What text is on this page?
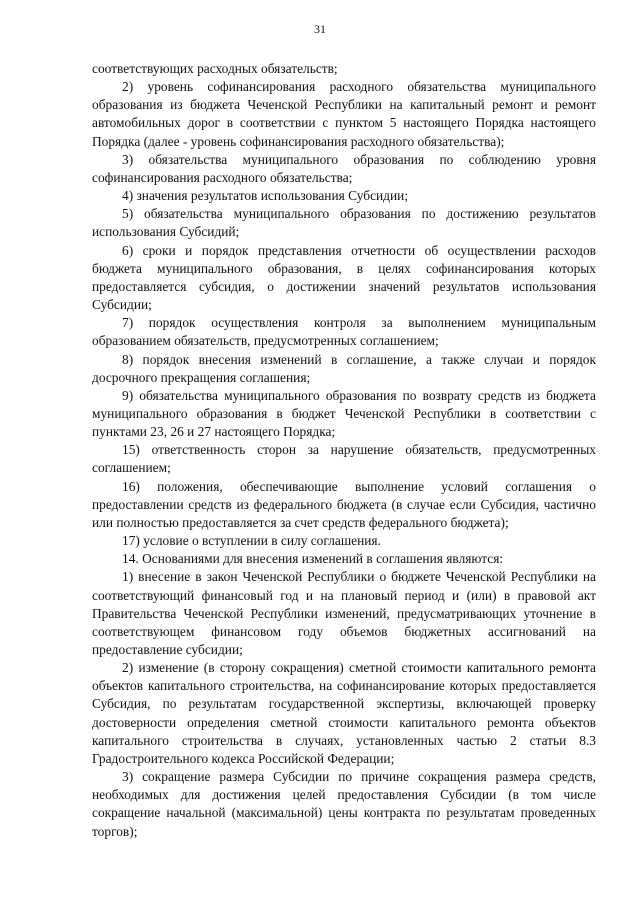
31

соответствующих расходных обязательств;

2) уровень софинансирования расходного обязательства муниципального образования из бюджета Чеченской Республики на капитальный ремонт и ремонт автомобильных дорог в соответствии с пунктом 5 настоящего Порядка настоящего Порядка (далее - уровень софинансирования расходного обязательства);

3) обязательства муниципального образования по соблюдению уровня софинансирования расходного обязательства;

4) значения результатов использования Субсидии;

5) обязательства муниципального образования по достижению результатов использования Субсидий;

6) сроки и порядок представления отчетности об осуществлении расходов бюджета муниципального образования, в целях софинансирования которых предоставляется субсидия, о достижении значений результатов использования Субсидии;

7) порядок осуществления контроля за выполнением муниципальным образованием обязательств, предусмотренных соглашением;

8) порядок внесения изменений в соглашение, а также случаи и порядок досрочного прекращения соглашения;

9) обязательства муниципального образования по возврату средств из бюджета муниципального образования в бюджет Чеченской Республики в соответствии с пунктами 23, 26 и 27 настоящего Порядка;

15) ответственность сторон за нарушение обязательств, предусмотренных соглашением;

16) положения, обеспечивающие выполнение условий соглашения о предоставлении средств из федерального бюджета (в случае если Субсидия, частично или полностью предоставляется за счет средств федерального бюджета);

17) условие о вступлении в силу соглашения.

14. Основаниями для внесения изменений в соглашения являются:

1) внесение в закон Чеченской Республики о бюджете Чеченской Республики на соответствующий финансовый год и на плановый период и (или) в правовой акт Правительства Чеченской Республики изменений, предусматривающих уточнение в соответствующем финансовом году объемов бюджетных ассигнований на предоставление субсидии;

2) изменение (в сторону сокращения) сметной стоимости капитального ремонта объектов капитального строительства, на софинансирование которых предоставляется Субсидия, по результатам государственной экспертизы, включающей проверку достоверности определения сметной стоимости капитального ремонта объектов капитального строительства в случаях, установленных частью 2 статьи 8.3 Градостроительного кодекса Российской Федерации;

3) сокращение размера Субсидии по причине сокращения размера средств, необходимых для достижения целей предоставления Субсидии (в том числе сокращение начальной (максимальной) цены контракта по результатам проведенных торгов);
